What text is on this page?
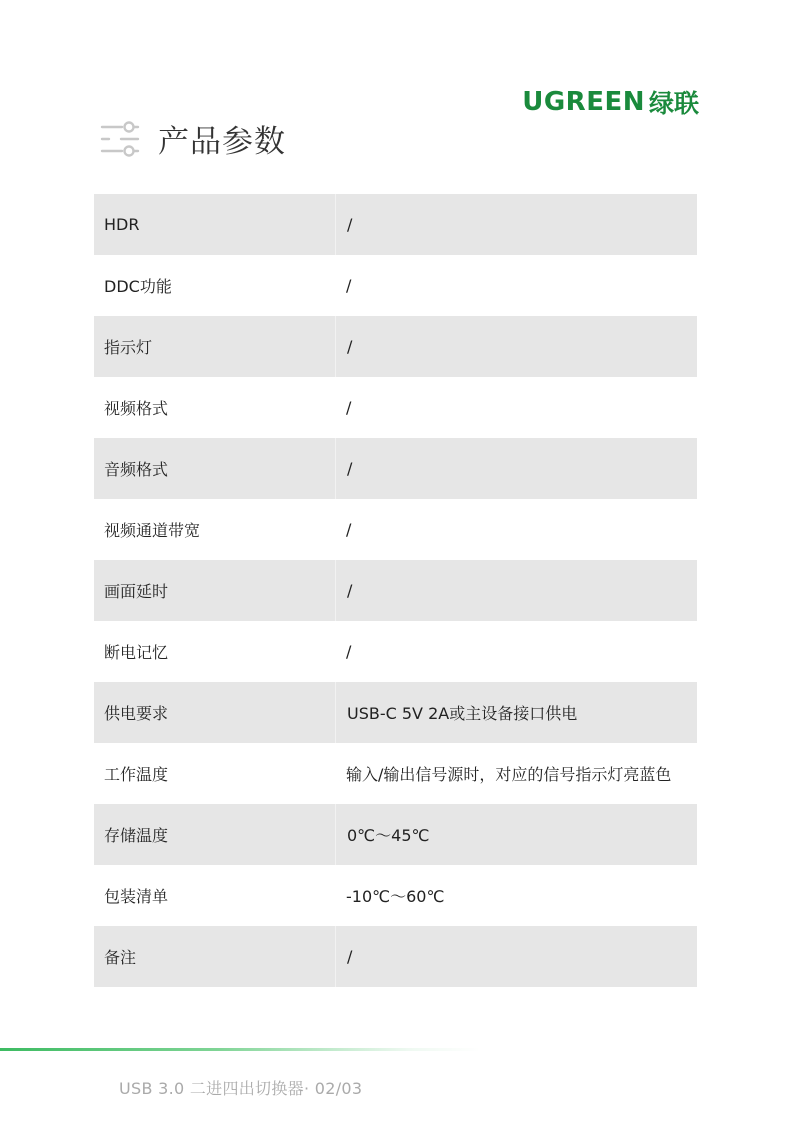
UGREEN 绿联
产品参数
HDR	/
DDC功能	/
指示灯	/
视频格式	/
音频格式	/
视频通道带宽	/
画面延时	/
断电记忆	/
供电要求	USB-C 5V 2A或主设备接口供电
工作温度	输入/输出信号源时，对应的信号指示灯亮蓝色
存储温度	0℃～45℃
包装清单	-10℃～60℃
备注	/
USB 3.0 二进四出切换器· 02/03
